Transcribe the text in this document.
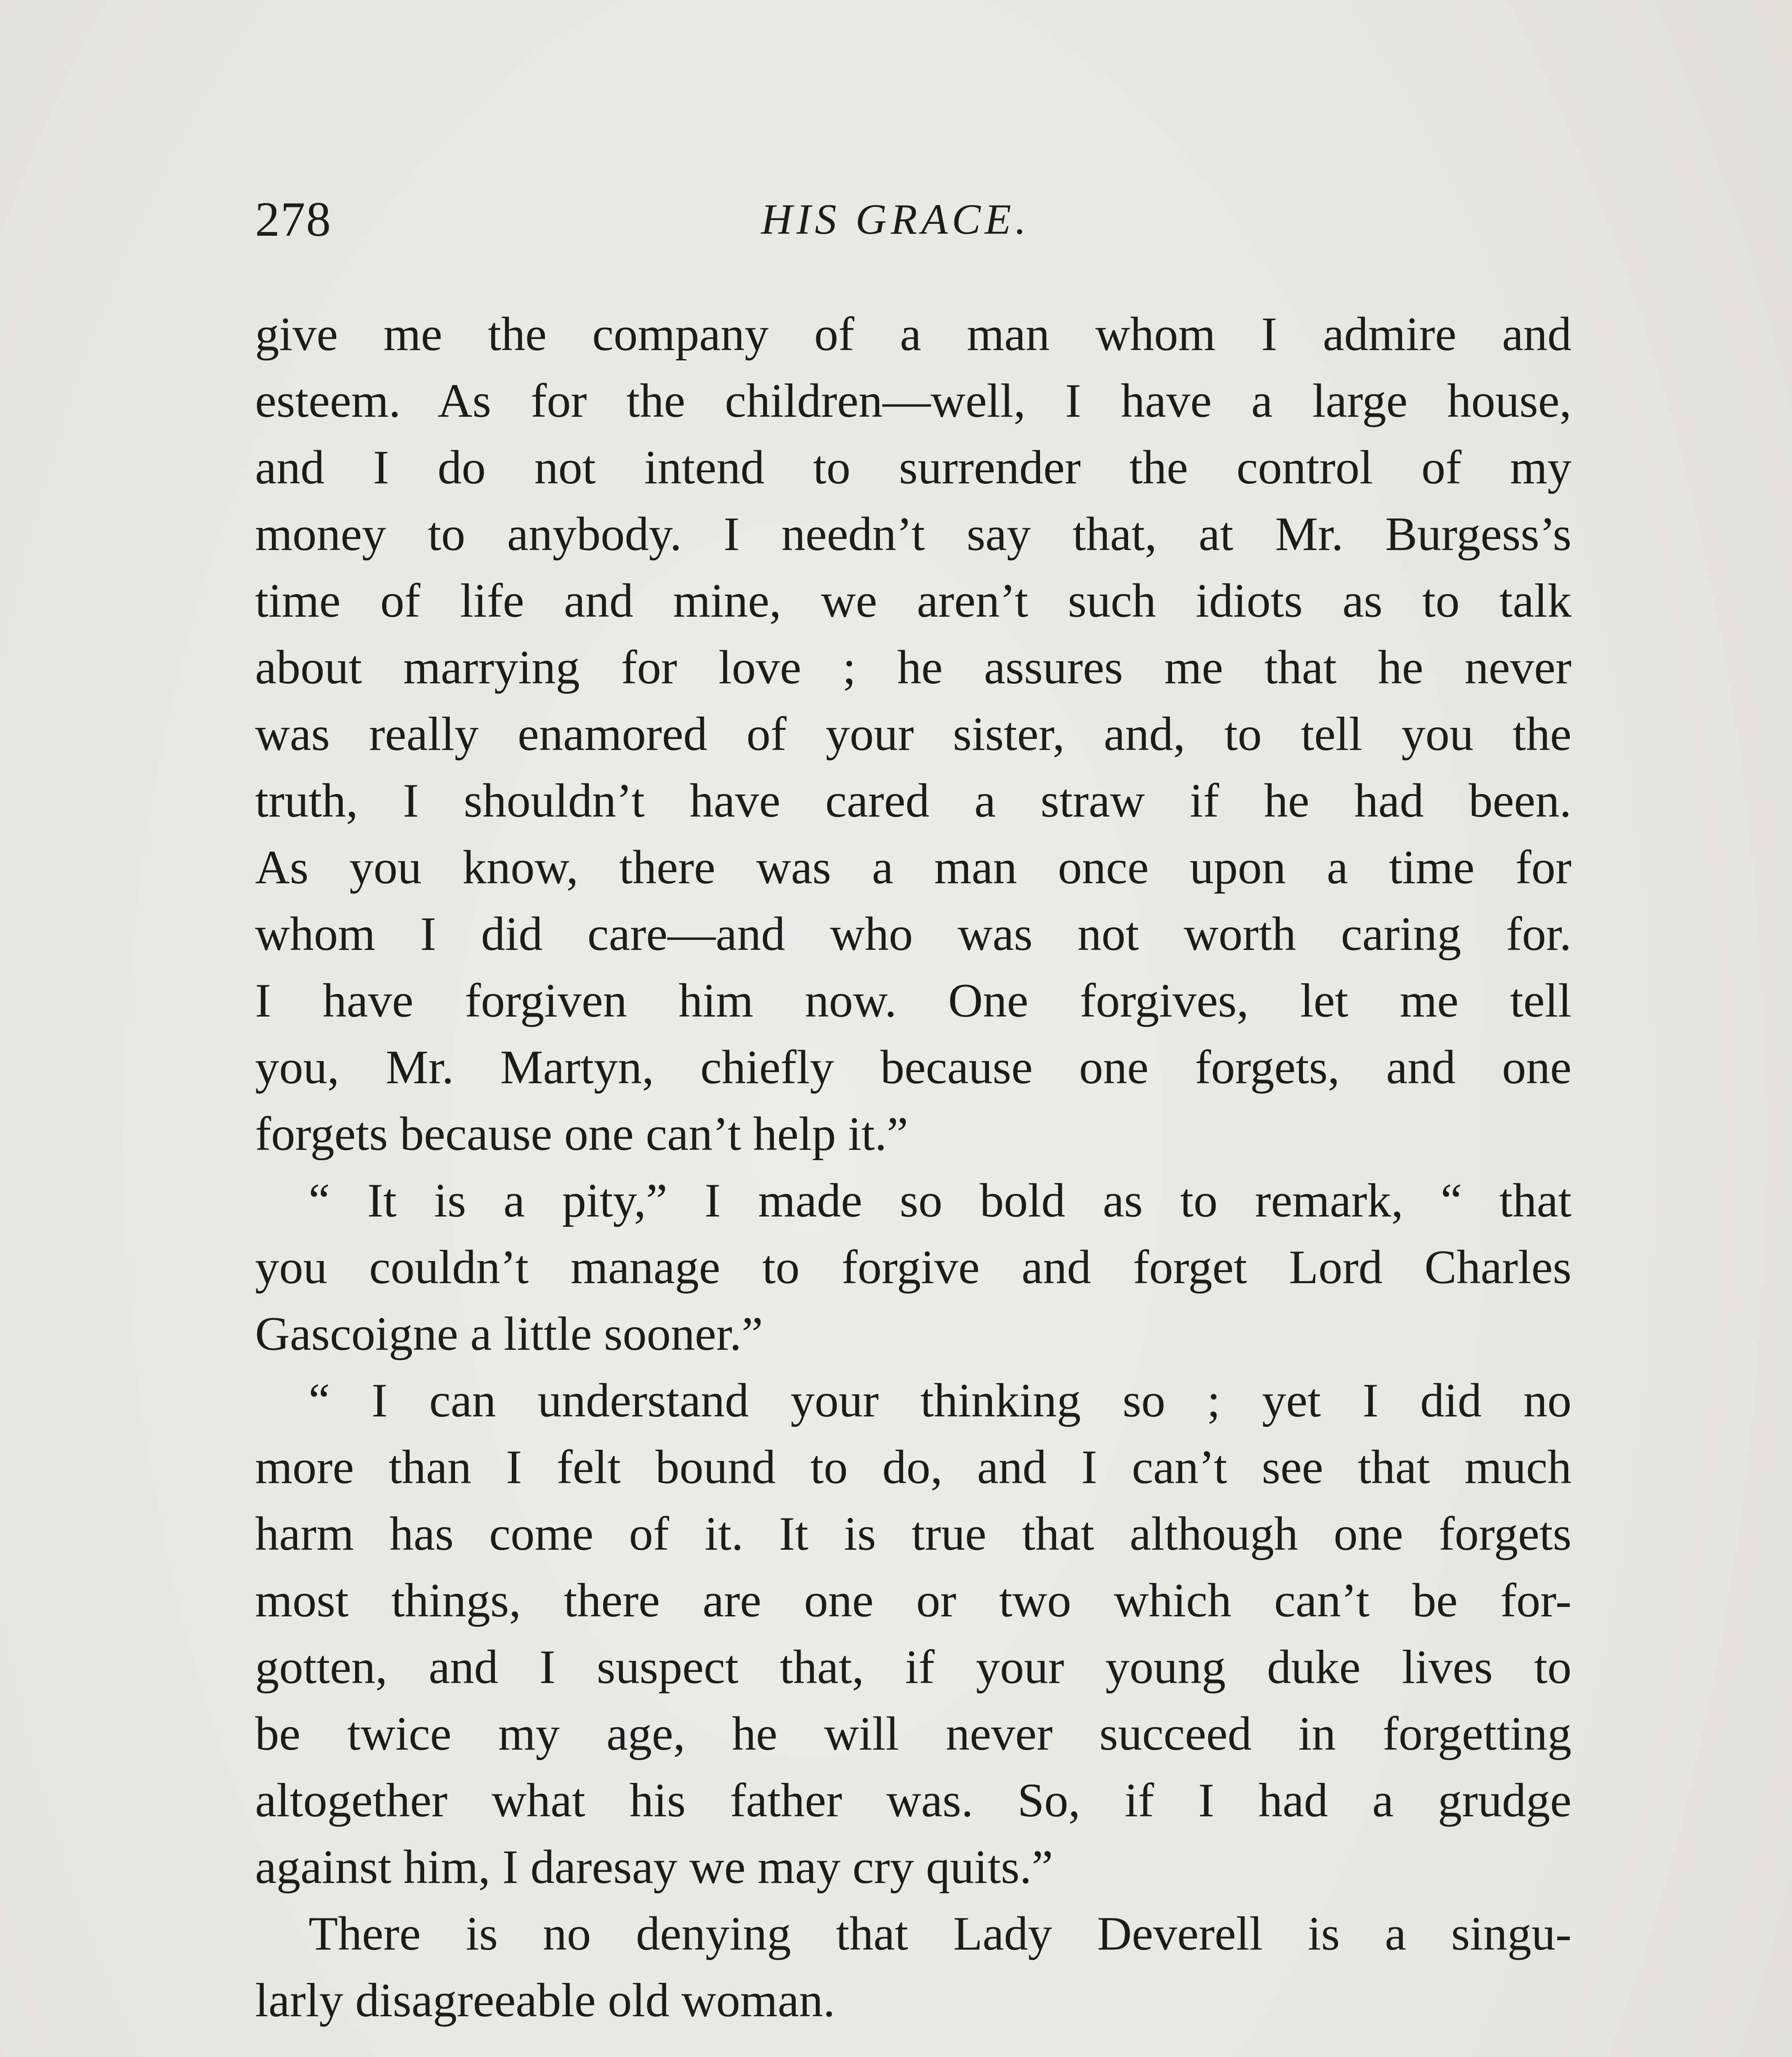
278	HIS GRACE.
give me the company of a man whom I admire and
esteem. As for the children—well, I have a large house,
and I do not intend to surrender the control of my
money to anybody. I needn’t say that, at Mr. Burgess’s
time of life and mine, we aren’t such idiots as to talk
about marrying for love ; he assures me that he never
was really enamored of your sister, and, to tell you the
truth, I shouldn’t have cared a straw if he had been.
As you know, there was a man once upon a time for
whom I did care—and who was not worth caring for.
I have forgiven him now. One forgives, let me tell
you, Mr. Martyn, chiefly because one forgets, and one
forgets because one can’t help it.”
“ It is a pity,” I made so bold as to remark, “ that
you couldn’t manage to forgive and forget Lord Charles
Gascoigne a little sooner.”
“ I can understand your thinking so ; yet I did no
more than I felt bound to do, and I can’t see that much
harm has come of it. It is true that although one forgets
most things, there are one or two which can’t be for-
gotten, and I suspect that, if your young duke lives to
be twice my age, he will never succeed in forgetting
altogether what his father was. So, if I had a grudge
against him, I daresay we may cry quits.”
There is no denying that Lady Deverell is a singu-
larly disagreeable old woman.
